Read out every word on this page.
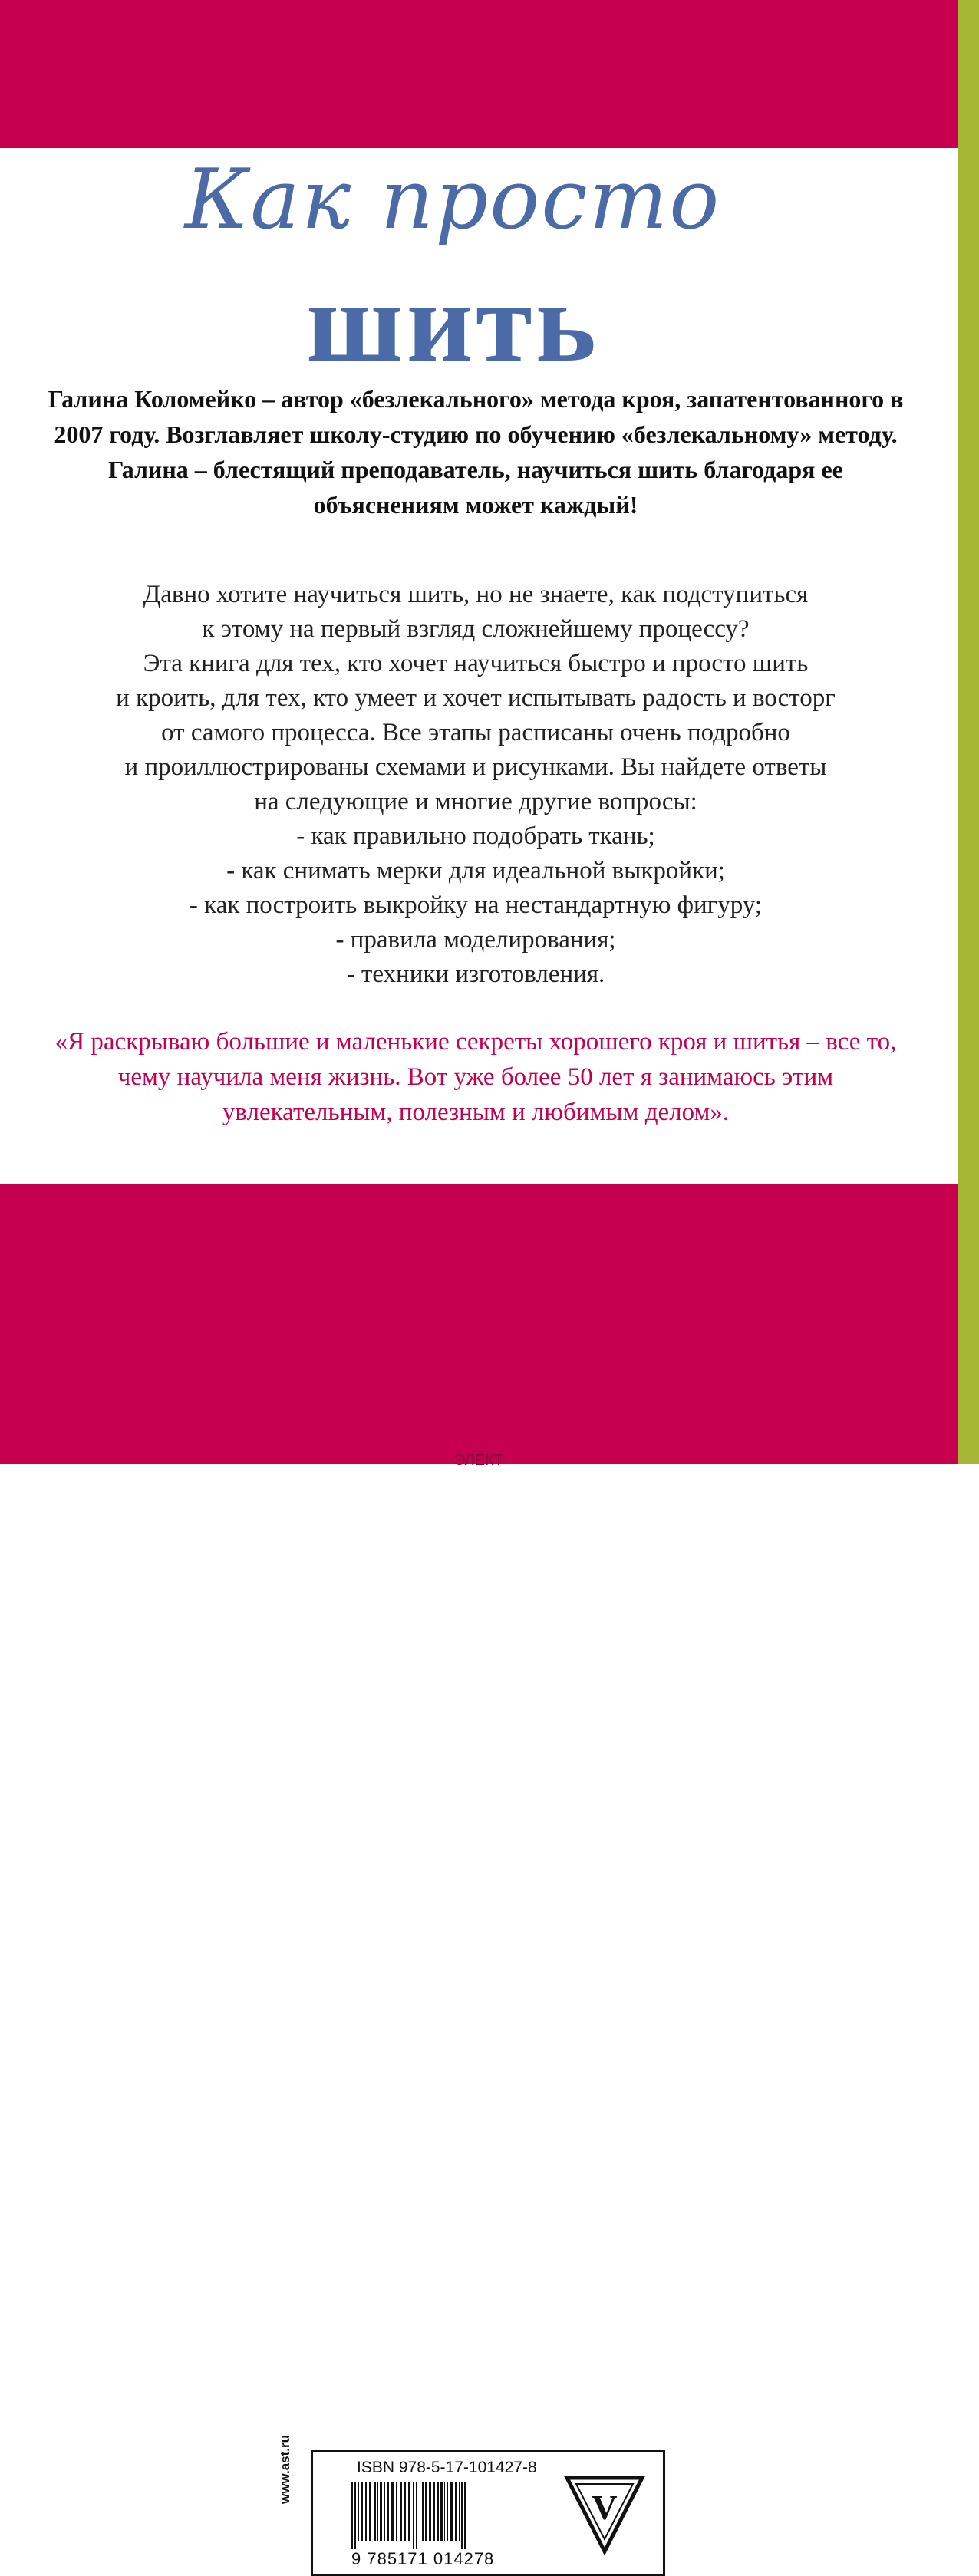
Как просто
шить
Галина Коломейко – автор «безлекального» метода кроя, запатентованного в 2007 году. Возглавляет школу-студию по обучению «безлекальному» методу. Галина – блестящий преподаватель, научиться шить благодаря ее объяснениям может каждый!
Давно хотите научиться шить, но не знаете, как подступиться
к этому на первый взгляд сложнейшему процессу?
Эта книга для тех, кто хочет научиться быстро и просто шить
и кроить, для тех, кто умеет и хочет испытывать радость и восторг
от самого процесса. Все этапы расписаны очень подробно
и проиллюстрированы схемами и рисунками. Вы найдете ответы
на следующие и многие другие вопросы:
- как правильно подобрать ткань;
- как снимать мерки для идеальной выкройки;
- как построить выкройку на нестандартную фигуру;
- правила моделирования;
- техники изготовления.
«Я раскрываю большие и маленькие секреты хорошего кроя и шитья – все то, чему научила меня жизнь. Вот уже более 50 лет я занимаюсь этим увлекательным, полезным и любимым делом».
www.ast.ru	ISBN 978-5-17-101427-8
9 785171 014278
V
ЭЛЕКТ
